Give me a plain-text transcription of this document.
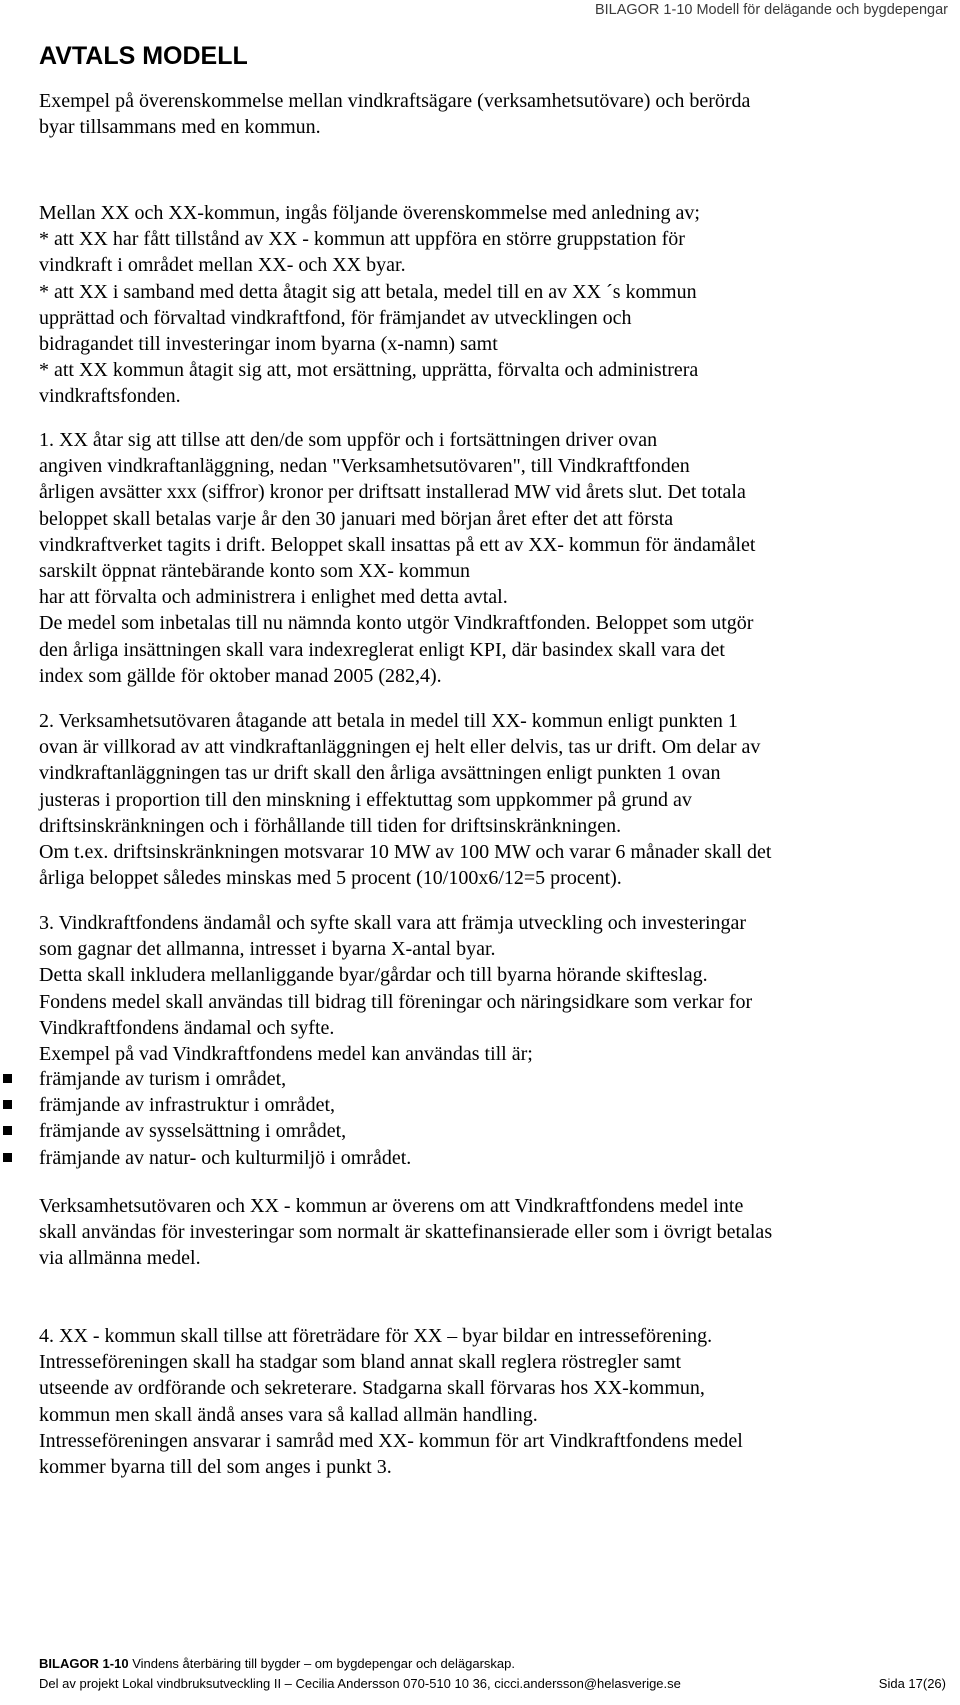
BILAGOR 1-10 Modell för delägande och bygdepengar
AVTALS MODELL
Exempel på överenskommelse mellan vindkraftsägare (verksamhetsutövare) och berörda
byar tillsammans med en kommun.
Mellan XX och XX-kommun, ingås följande överenskommelse med anledning av;
* att XX har fått tillstånd av XX - kommun att uppföra en större gruppstation för
vindkraft i området mellan XX- och XX byar.
* att XX i samband med detta åtagit sig att betala, medel till en av XX ´s kommun
upprättad och förvaltad vindkraftfond, för främjandet av utvecklingen och
bidragandet till investeringar inom byarna (x-namn) samt
* att XX kommun åtagit sig att, mot ersättning, upprätta, förvalta och administrera
vindkraftsfonden.
1. XX åtar sig att tillse att den/de som uppför och i fortsättningen driver ovan
angiven vindkraftanläggning, nedan "Verksamhetsutövaren", till Vindkraftfonden
årligen avsätter xxx (siffror) kronor per driftsatt installerad MW vid årets slut. Det totala
beloppet skall betalas varje år den 30 januari med början året efter det att första
vindkraftverket tagits i drift. Beloppet skall insattas på ett av XX- kommun för ändamålet
sarskilt öppnat räntebärande konto som XX- kommun
har att förvalta och administrera i enlighet med detta avtal.
De medel som inbetalas till nu nämnda konto utgör Vindkraftfonden. Beloppet som utgör
den årliga insättningen skall vara indexreglerat enligt KPI, där basindex skall vara det
index som gällde för oktober manad 2005 (282,4).
2. Verksamhetsutövaren åtagande att betala in medel till XX- kommun enligt punkten 1
ovan är villkorad av att vindkraftanläggningen ej helt eller delvis, tas ur drift. Om delar av
vindkraftanläggningen tas ur drift skall den årliga avsättningen enligt punkten 1 ovan
justeras i proportion till den minskning i effektuttag som uppkommer på grund av
driftsinskränkningen och i förhållande till tiden for driftsinskränkningen.
Om t.ex. driftsinskränkningen motsvarar 10 MW av 100 MW och varar 6 månader skall det
årliga beloppet således minskas med 5 procent (10/100x6/12=5 procent).
3. Vindkraftfondens ändamål och syfte skall vara att främja utveckling och investeringar
som gagnar det allmanna, intresset i byarna X-antal byar.
Detta skall inkludera mellanliggande byar/gårdar och till byarna hörande skifteslag.
Fondens medel skall användas till bidrag till föreningar och näringsidkare som verkar for
Vindkraftfondens ändamal och syfte.
Exempel på vad Vindkraftfondens medel kan användas till är;
främjande av turism i området,
främjande av infrastruktur i området,
främjande av sysselsättning i området,
främjande av natur- och kulturmiljö i området.
Verksamhetsutövaren och XX - kommun ar överens om att Vindkraftfondens medel inte
skall användas för investeringar som normalt är skattefinansierade eller som i övrigt betalas
via allmänna medel.
4. XX - kommun skall tillse att företrädare för XX – byar bildar en intresseförening.
Intresseföreningen skall ha stadgar som bland annat skall reglera röstregler samt
utseende av ordförande och sekreterare. Stadgarna skall förvaras hos XX-kommun,
kommun men skall ändå anses vara så kallad allmän handling.
Intresseföreningen ansvarar i samråd med XX- kommun för art Vindkraftfondens medel
kommer byarna till del som anges i punkt 3.
BILAGOR 1-10 Vindens återbäring till bygder – om bygdepengar och delägarskap.
Del av projekt Lokal vindbruksutveckling II – Cecilia Andersson 070-510 10 36, cicci.andersson@helasverige.se	Sida 17(26)
